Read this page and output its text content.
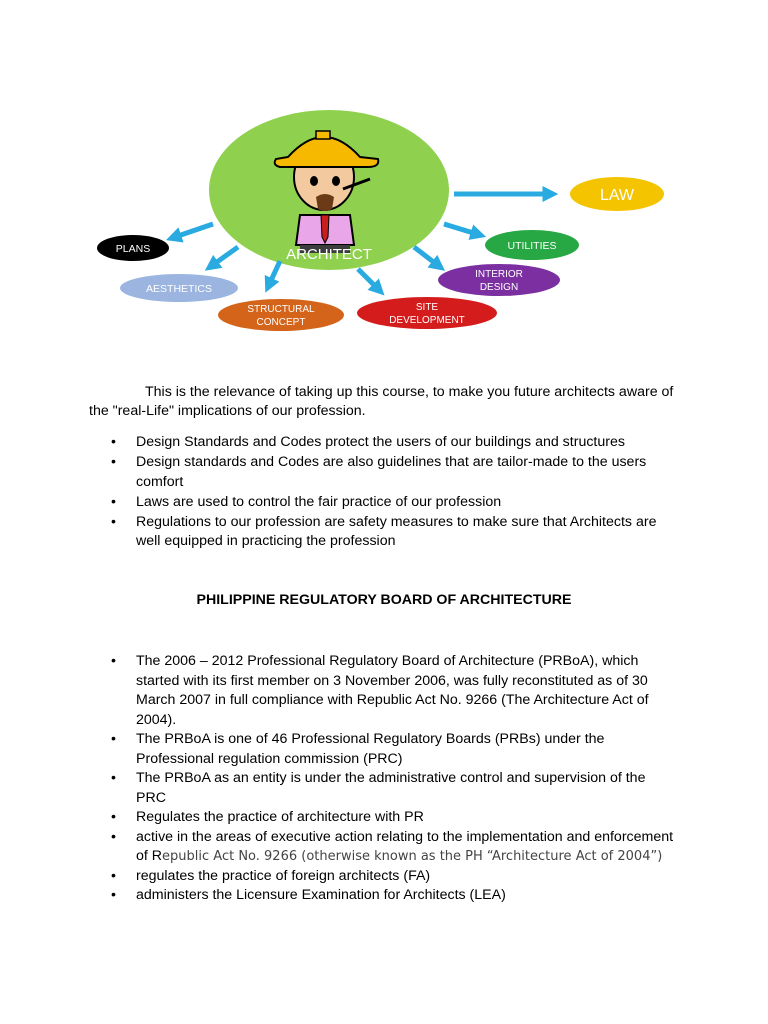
ARCHITECT
LAW
PLANS	UTILITIES
INTERIOR
DESIGN
AESTHETICS
STRUCTURAL
CONCEPT
SITE
DEVELOPMENT
This is the relevance of taking up this course, to make you future architects aware of the "real-Life" implications of our profession.
• Design Standards and Codes protect the users of our buildings and structures
• Design standards and Codes are also guidelines that are tailor-made to the users comfort
• Laws are used to control the fair practice of our profession
• Regulations to our profession are safety measures to make sure that Architects are well equipped in practicing the profession
PHILIPPINE REGULATORY BOARD OF ARCHITECTURE
• The 2006 – 2012 Professional Regulatory Board of Architecture (PRBoA), which started with its first member on 3 November 2006, was fully reconstituted as of 30 March 2007 in full compliance with Republic Act No. 9266 (The Architecture Act of 2004).
• The PRBoA is one of 46 Professional Regulatory Boards (PRBs) under the Professional regulation commission (PRC)
• The PRBoA as an entity is under the administrative control and supervision of the PRC
• Regulates the practice of architecture with PR
• active in the areas of executive action relating to the implementation and enforcement of Republic Act No. 9266 (otherwise known as the PH “Architecture Act of 2004”)
• regulates the practice of foreign architects (FA)
• administers the Licensure Examination for Architects (LEA)
